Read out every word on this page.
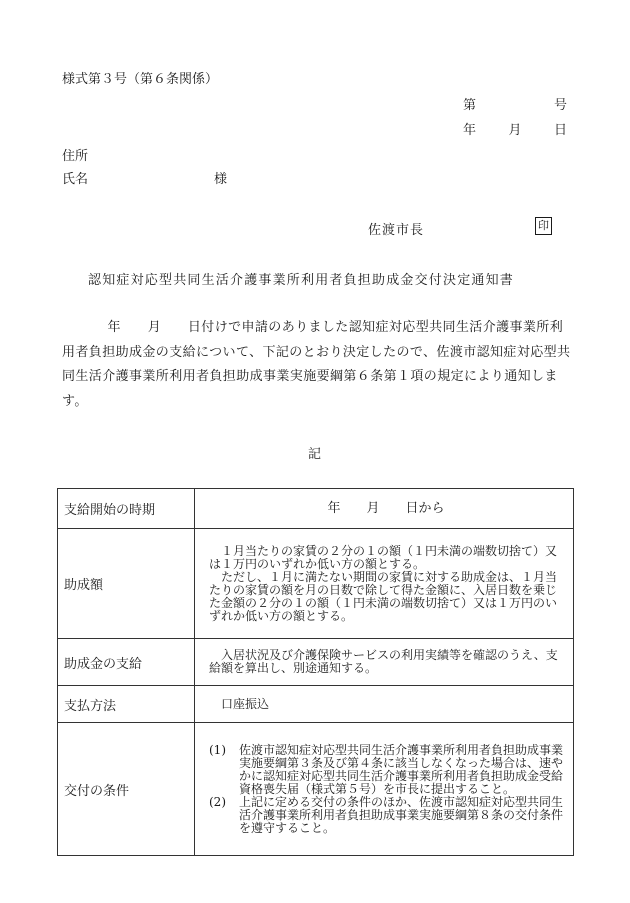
様式第３号（第６条関係）
第	号
年 月 日
住所
氏名	様
佐渡市長	印
認知症対応型共同生活介護事業所利用者負担助成金交付決定通知書
年　　月　　日付けで申請のありました認知症対応型共同生活介護事業所利用者負担助成金の支給について、下記のとおり決定したので、佐渡市認知症対応型共同生活介護事業所利用者負担助成事業実施要綱第６条第１項の規定により通知します。
記
支給開始の時期	年　　月　　日から
助成額	１月当たりの家賃の２分の１の額（１円未満の端数切捨て）又は１万円のいずれか低い方の額とする。
ただし、１月に満たない期間の家賃に対する助成金は、１月当たりの家賃の額を月の日数で除して得た金額に、入居日数を乗じた金額の２分の１の額（１円未満の端数切捨て）又は１万円のいずれか低い方の額とする。

助成金の支給	入居状況及び介護保険サービスの利用実績等を確認のうえ、支給額を算出し、別途通知する。

支払方法	口座振込
交付の条件	(1) 佐渡市認知症対応型共同生活介護事業所利用者負担助成事業実施要綱第３条及び第４条に該当しなくなった場合は、速やかに認知症対応型共同生活介護事業所利用者負担助成金受給資格喪失届（様式第５号）を市長に提出すること。
(2) 上記に定める交付の条件のほか、佐渡市認知症対応型共同生活介護事業所利用者負担助成事業実施要綱第８条の交付条件を遵守すること。
